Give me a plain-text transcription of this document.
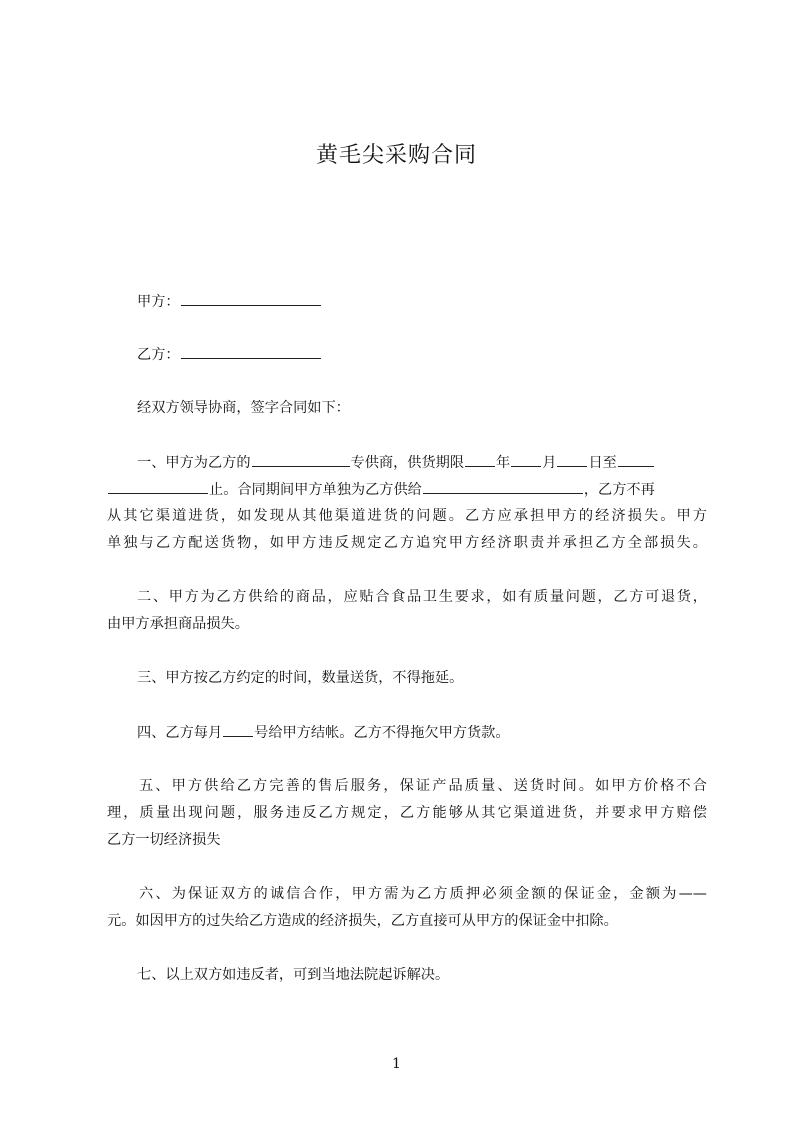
黄毛尖采购合同
甲方：
乙方：
经双方领导协商，签字合同如下：
一、甲方为乙方的	专供商，供货期限 年 月 日至
止。合同期间甲方单独为乙方供给	，乙方不再
从其它渠道进货，如发现从其他渠道进货的问题。乙方应承担甲方的经济损失。甲方
单独与乙方配送货物，如甲方违反规定乙方追究甲方经济职责并承担乙方全部损失。
二、甲方为乙方供给的商品，应贴合食品卫生要求，如有质量问题，乙方可退货，
由甲方承担商品损失。
三、甲方按乙方约定的时间，数量送货，不得拖延。
四、乙方每月 号给甲方结帐。乙方不得拖欠甲方货款。
五、甲方供给乙方完善的售后服务，保证产品质量、送货时间。如甲方价格不合
理，质量出现问题，服务违反乙方规定，乙方能够从其它渠道进货，并要求甲方赔偿
乙方一切经济损失
六、为保证双方的诚信合作，甲方需为乙方质押必须金额的保证金，金额为——
元。如因甲方的过失给乙方造成的经济损失，乙方直接可从甲方的保证金中扣除。
七、以上双方如违反者，可到当地法院起诉解决。
1
